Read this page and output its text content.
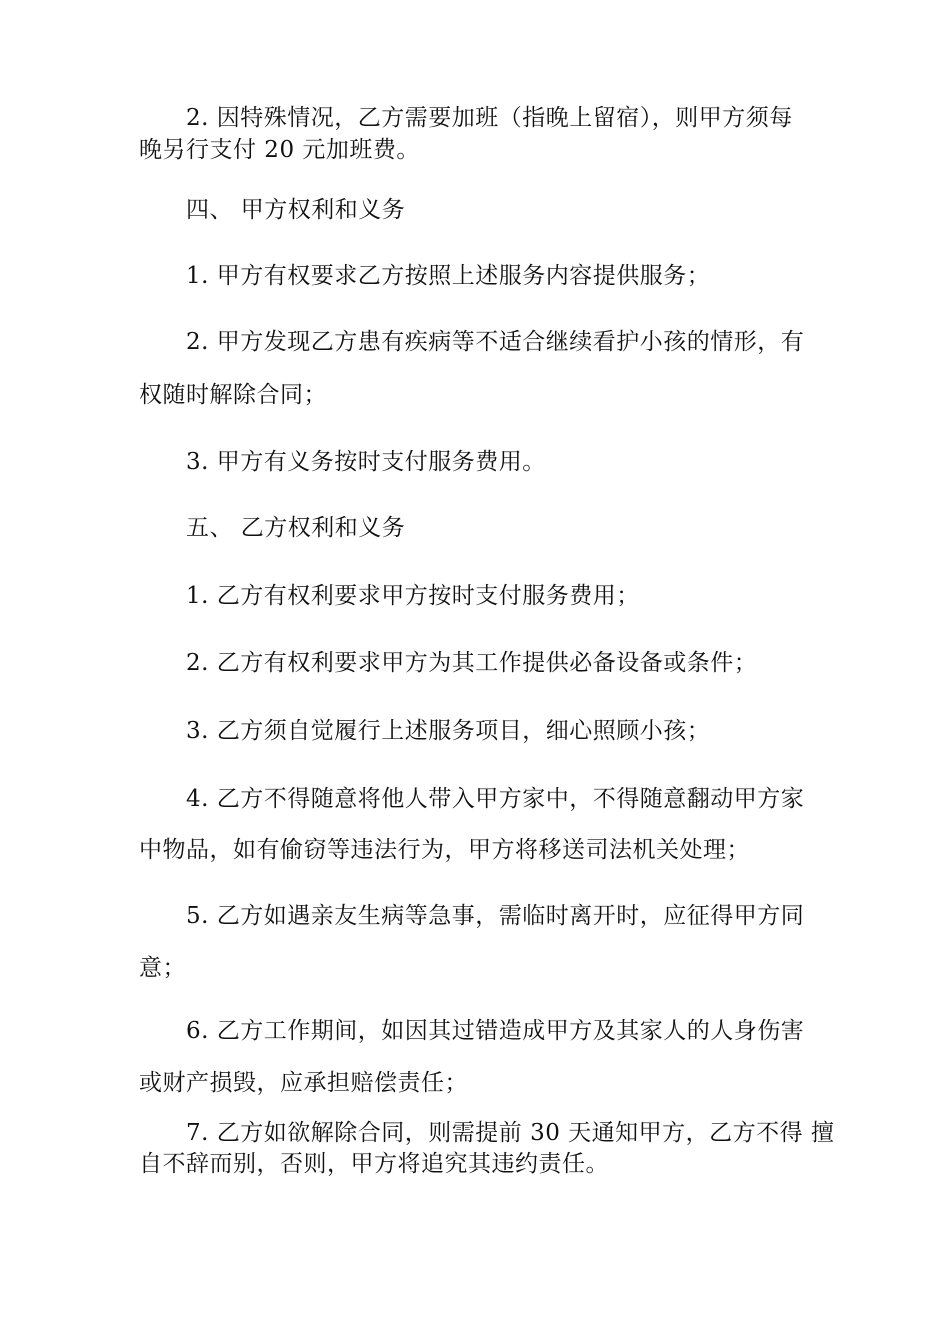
2. 因特殊情况，乙方需要加班（指晚上留宿），则甲方须每
晚另行支付 20 元加班费。
四、 甲方权利和义务
1. 甲方有权要求乙方按照上述服务内容提供服务；
2. 甲方发现乙方患有疾病等不适合继续看护小孩的情形，有
权随时解除合同；
3. 甲方有义务按时支付服务费用。
五、 乙方权利和义务
1. 乙方有权利要求甲方按时支付服务费用；
2. 乙方有权利要求甲方为其工作提供必备设备或条件；
3. 乙方须自觉履行上述服务项目，细心照顾小孩；
4. 乙方不得随意将他人带入甲方家中，不得随意翻动甲方家
中物品，如有偷窃等违法行为，甲方将移送司法机关处理；
5. 乙方如遇亲友生病等急事，需临时离开时，应征得甲方同
意；
6. 乙方工作期间，如因其过错造成甲方及其家人的人身伤害
或财产损毁，应承担赔偿责任；
7. 乙方如欲解除合同，则需提前 30 天通知甲方，乙方不得 擅
自不辞而别，否则，甲方将追究其违约责任。
